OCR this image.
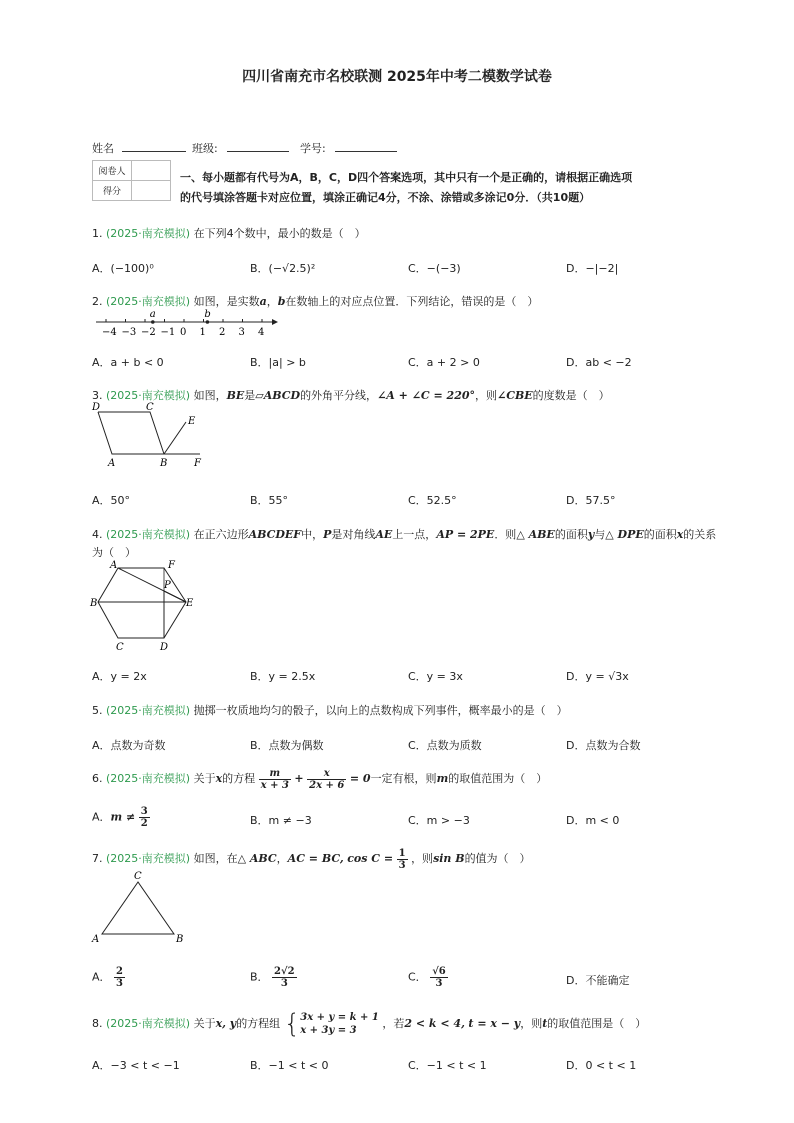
四川省南充市名校联测 2025年中考二模数学试卷
姓名	班级:	学号:
阅卷人	
得分	
一、每小题都有代号为A，B，C，D四个答案选项，其中只有一个是正确的，请根据正确选项的代号填涂答题卡对应位置，填涂正确记4分，不涂、涂错或多涂记0分．（共10题）
1. (2025·南充模拟) 在下列4个数中，最小的数是（　）
A．(−100)⁰	B．(−√2.5)²	C．−(−3)	D．−|−2|
2. (2025·南充模拟) 如图，是实数a，b在数轴上的对应点位置．下列结论，错误的是（　）
−4 −3 −2 −1 0 1 2 3 4
a	b
A．a + b < 0	B．|a| > b	C．a + 2 > 0	D．ab < −2
3. (2025·南充模拟) 如图，BE是▱ABCD的外角平分线，∠A + ∠C = 220°，则∠CBE的度数是（　）
D	C
E
A	B	F
A．50°	B．55°	C．52.5°	D．57.5°
4. (2025·南充模拟) 在正六边形ABCDEF中，P是对角线AE上一点，AP = 2PE．则△ ABE的面积y与△ DPE的面积x的关系
为（　）
A	F
P
B	E
C	D
A．y = 2x	B．y = 2.5x	C．y = 3x	D．y = √3x
5. (2025·南充模拟) 抛掷一枚质地均匀的骰子，以向上的点数构成下列事件，概率最小的是（　）
A．点数为奇数	B．点数为偶数	C．点数为质数	D．点数为合数
6. (2025·南充模拟) 关于x的方程 $\frac{m}{x + 3} + \frac{x}{2x + 6} = 0$一定有根，则m的取值范围为（　）
A．$m \ne \frac{3}{2}$	B．m ≠ −3	C．m > −3	D．m < 0
7. (2025·南充模拟) 如图，在△ ABC，AC = BC, $\cos C = \frac{1}{3}$ ，则sin B的值为（　）
C
A	B
A． $\frac{2}{3}$	B． $\frac{2√2}{3}$	C． $\frac{√6}{3}$	D．不能确定
8. (2025·南充模拟) 关于x, y的方程组 { 3x + y = k + 1
x + 3y = 3
，若2 < k < 4, t = x − y，则t的取值范围是（　）
A．−3 < t < −1	B．−1 < t < 0	C．−1 < t < 1	D．0 < t < 1
